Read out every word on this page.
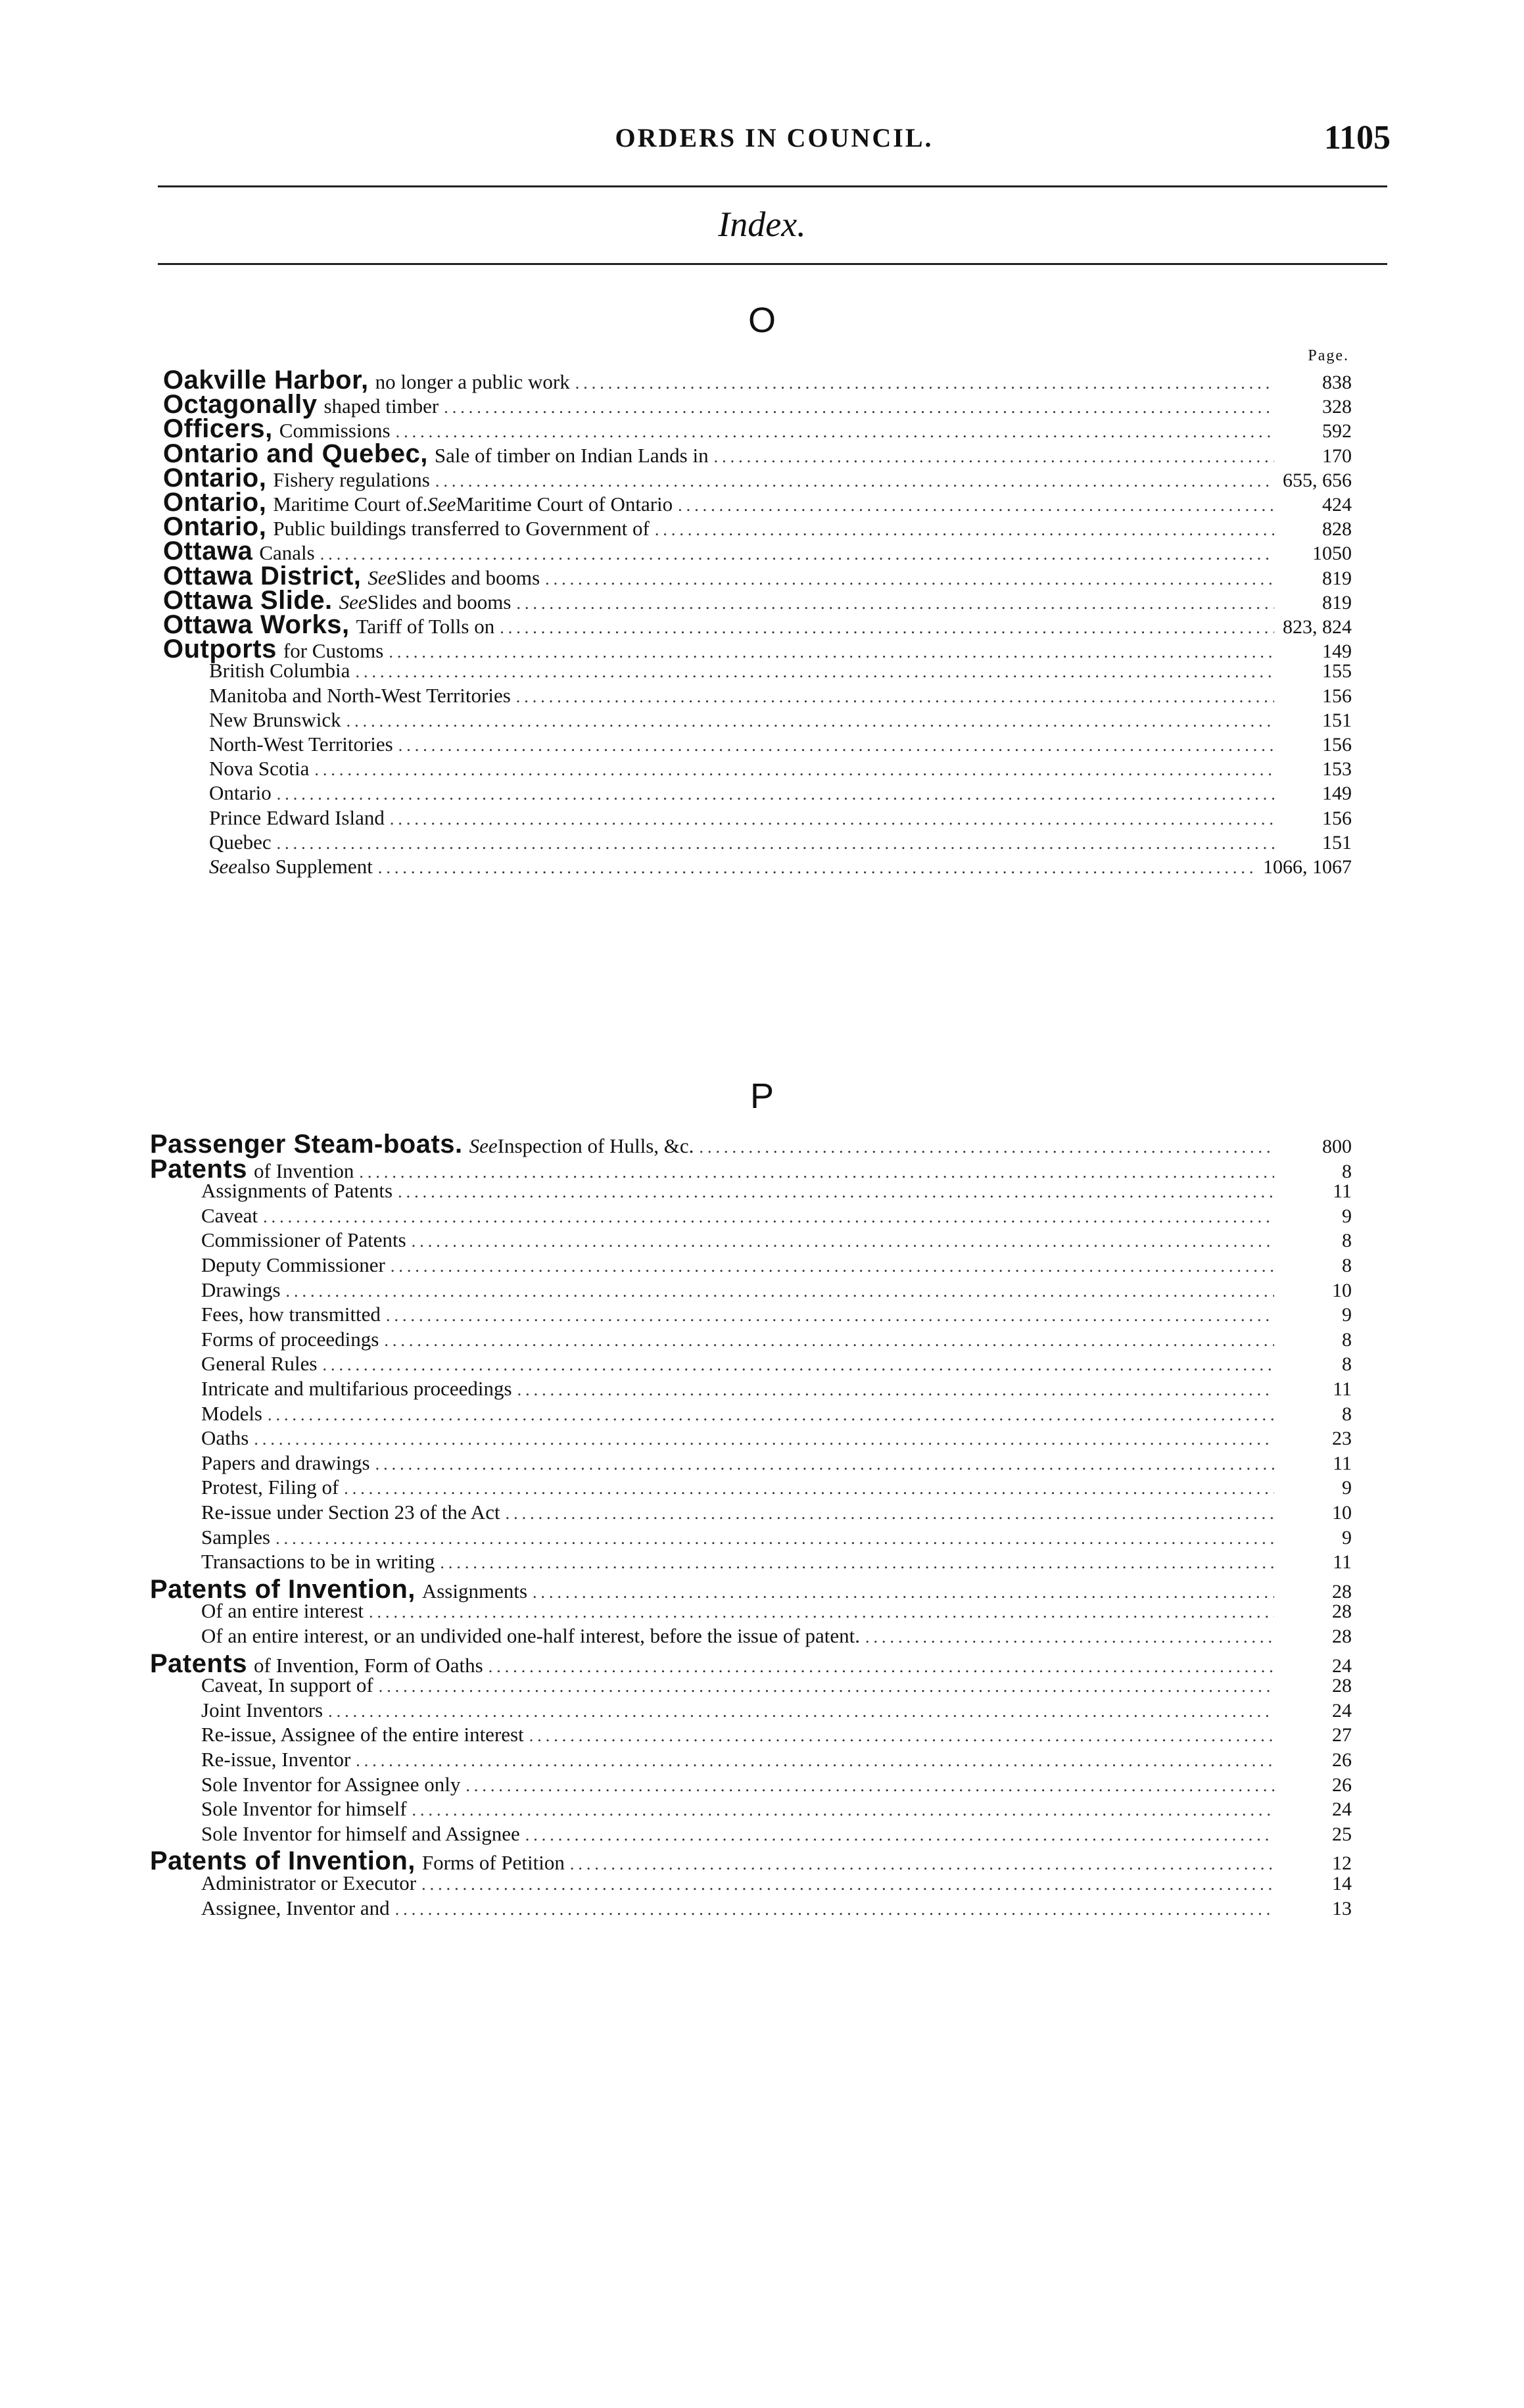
ORDERS IN COUNCIL.	1105
Index.
O
Page.
P
Oakville Harbor, no longer a public work .....	838
Octagonally shaped timber .....	328
Officers, Commissions .....	592
Ontario and Quebec, Sale of timber on Indian Lands in .....	170
Ontario, Fishery regulations .....	655, 656
Ontario, Maritime Court of. See Maritime Court of Ontario .....	424
Ontario, Public buildings transferred to Government of .....	828
Ottawa Canals .....	1050
Ottawa District, See Slides and booms .....	819
Ottawa Slide. See Slides and booms .....	819
Ottawa Works, Tariff of Tolls on .....	823, 824
Outports for Customs .....	149
British Columbia .....	155
Manitoba and North-West Territories .....	156
New Brunswick .....	151
North-West Territories .....	156
Nova Scotia .....	153
Ontario .....	149
Prince Edward Island .....	156
Quebec .....	151
See also Supplement .....	1066, 1067
Passenger Steam-boats. See Inspection of Hulls, &c. .....	800
Patents of Invention .....	8
Assignments of Patents .....	11
Caveat .....	9
Commissioner of Patents .....	8
Deputy Commissioner .....	8
Drawings .....	10
Fees, how transmitted .....	9
Forms of proceedings .....	8
General Rules .....	8
Intricate and multifarious proceedings .....	11
Models .....	8
Oaths .....	23
Papers and drawings .....	11
Protest, Filing of .....	9
Re-issue under Section 23 of the Act .....	10
Samples .....	9
Transactions to be in writing .....	11
Patents of Invention, Assignments .....	28
Of an entire interest .....	28
Of an entire interest, or an undivided one-half interest, before the issue of patent. .....	28
Patents of Invention, Form of Oaths .....	24
Caveat, In support of .....	28
Joint Inventors .....	24
Re-issue, Assignee of the entire interest .....	27
Re-issue, Inventor .....	26
Sole Inventor for Assignee only .....	26
Sole Inventor for himself .....	24
Sole Inventor for himself and Assignee .....	25
Patents of Invention, Forms of Petition .....	12
Administrator or Executor .....	14
Assignee, Inventor and .....	13
